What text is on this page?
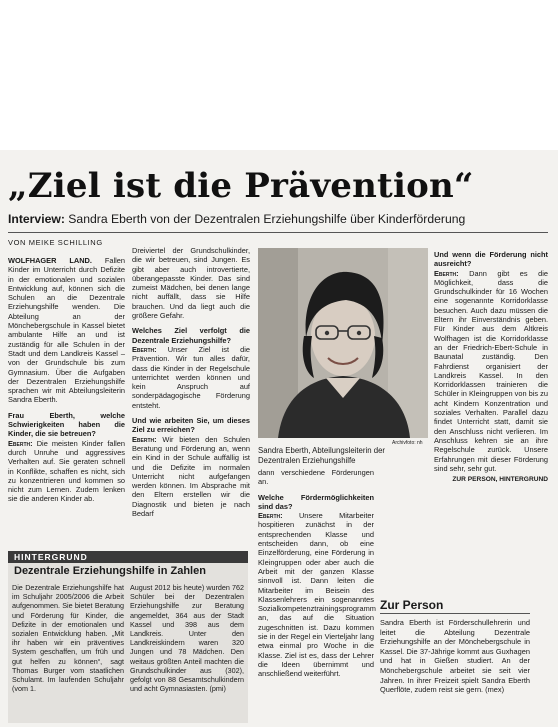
„Ziel ist die Prävention“
Interview: Sandra Eberth von der Dezentralen Erziehungshilfe über Kinderförderung
VON MEIKE SCHILLING

WOLFHAGER LAND. Fallen Kinder im Unterricht durch Defizite in der emotionalen und sozialen Entwicklung auf, können sich die Schulen an die Dezentrale Erziehungshilfe wenden. Die Abteilung an der Mönchebergschule in Kassel bietet ambulante Hilfe an und ist zuständig für alle Schulen in der Stadt und dem Landkreis Kassel – von der Grundschule bis zum Gymnasium. Über die Aufgaben der Dezentralen Erziehungshilfe sprachen wir mit Abteilungsleiterin Sandra Eberth.

Frau Eberth, welche Schwierigkeiten haben die Kinder, die sie betreuen?

Eberth: Die meisten Kinder fallen durch Unruhe und aggressives Verhalten auf. Sie geraten schnell in Konflikte, schaffen es nicht, sich zu konzentrieren und kommen so nicht zum Lernen. Zudem lenken sie die anderen Kinder ab.

Dreiviertel der Grundschulkinder, die wir betreuen, sind Jungen. Es gibt aber auch introvertierte, überangepasste Kinder. Das sind zumeist Mädchen, bei denen lange nicht auffällt, dass sie Hilfe brauchen. Und da liegt auch die größere Gefahr.

Welches Ziel verfolgt die Dezentrale Erziehungshilfe?

Eberth: Unser Ziel ist die Prävention. Wir tun alles dafür, dass die Kinder in der Regelschule unterrichtet werden können und kein Anspruch auf sonderpädagogische Förderung entsteht.

Und wie arbeiten Sie, um dieses Ziel zu erreichen?

Eberth: Wir bieten den Schulen Beratung und Förderung an, wenn ein Kind in der Schule auffällig ist und die Defizite im normalen Unterricht nicht aufgefangen werden können. Im Absprache mit den Eltern erstellen wir die Diagnostik und bieten je nach Bedarf

Archivfoto: nh
Sandra Eberth, Abteilungsleiterin der Dezentralen Erziehungshilfe

dann verschiedene Förderungen an.

Welche Fördermöglichkeiten sind das?

Eberth: Unsere Mitarbeiter hospitieren zunächst in der entsprechenden Klasse und entscheiden dann, ob eine Einzelförderung, eine Förderung in Kleingruppen oder aber auch die Arbeit mit der ganzen Klasse sinnvoll ist. Dann leiten die Mitarbeiter im Beisein des Klassenlehrers ein sogenanntes Sozialkompetenztrainingsprogramm an, das auf die Situation zugeschnitten ist. Dazu kommen sie in der Regel ein Vierteljahr lang etwa einmal pro Woche in die Klasse. Ziel ist es, dass der Lehrer die Ideen übernimmt und anschließend weiterführt.

Und wenn die Förderung nicht ausreicht?

Eberth: Dann gibt es die Möglichkeit, dass die Grundschulkinder für 16 Wochen eine sogenannte Korridorklasse besuchen. Auch dazu müssen die Eltern ihr Einverständnis geben. Für Kinder aus dem Altkreis Wolfhagen ist die Korridorklasse an der Friedrich-Ebert-Schule in Baunatal zuständig. Den Fahrdienst organisiert der Landkreis Kassel. In den Korridorklassen trainieren die Schüler in Kleingruppen von bis zu acht Kindern Konzentration und soziales Verhalten. Parallel dazu findet Unterricht statt, damit sie den Anschluss nicht verlieren. Im Anschluss kehren sie an ihre Regelschule zurück. Unsere Erfahrungen mit dieser Förderung sind sehr, sehr gut.

ZUR PERSON, HINTERGRUND

HINTERGRUND
Dezentrale Erziehungshilfe in Zahlen
Die Dezentrale Erziehungshilfe hat im Schuljahr 2005/2006 die Arbeit aufgenommen. Sie bietet Beratung und Förderung für Kinder, die Defizite in der emotionalen und sozialen Entwicklung haben. „Mit ihr haben wir ein präventives System geschaffen, um früh und gut helfen zu können“, sagt Thomas Burger vom staatlichen Schulamt. Im laufenden Schuljahr (vom 1.
August 2012 bis heute) wurden 762 Schüler bei der Dezentralen Erziehungshilfe zur Beratung angemeldet, 364 aus der Stadt Kassel und 398 aus dem Landkreis. Unter den Landkreiskindern waren 320 Jungen und 78 Mädchen. Den weitaus größten Anteil machten die Grundschulkinder aus (302), gefolgt von 88 Gesamtschulkindern und acht Gymnasiasten. (pmi)
Zur Person
Sandra Eberth ist Förderschullehrerin und leitet die Abteilung Dezentrale Erziehungshilfe an der Mönchebergschule in Kassel. Die 37-Jährige kommt aus Guxhagen und hat in Gießen studiert. An der Mönchebergschule arbeitet sie seit vier Jahren. In ihrer Freizeit spielt Sandra Eberth Querflöte, zudem reist sie gern. (mex)
